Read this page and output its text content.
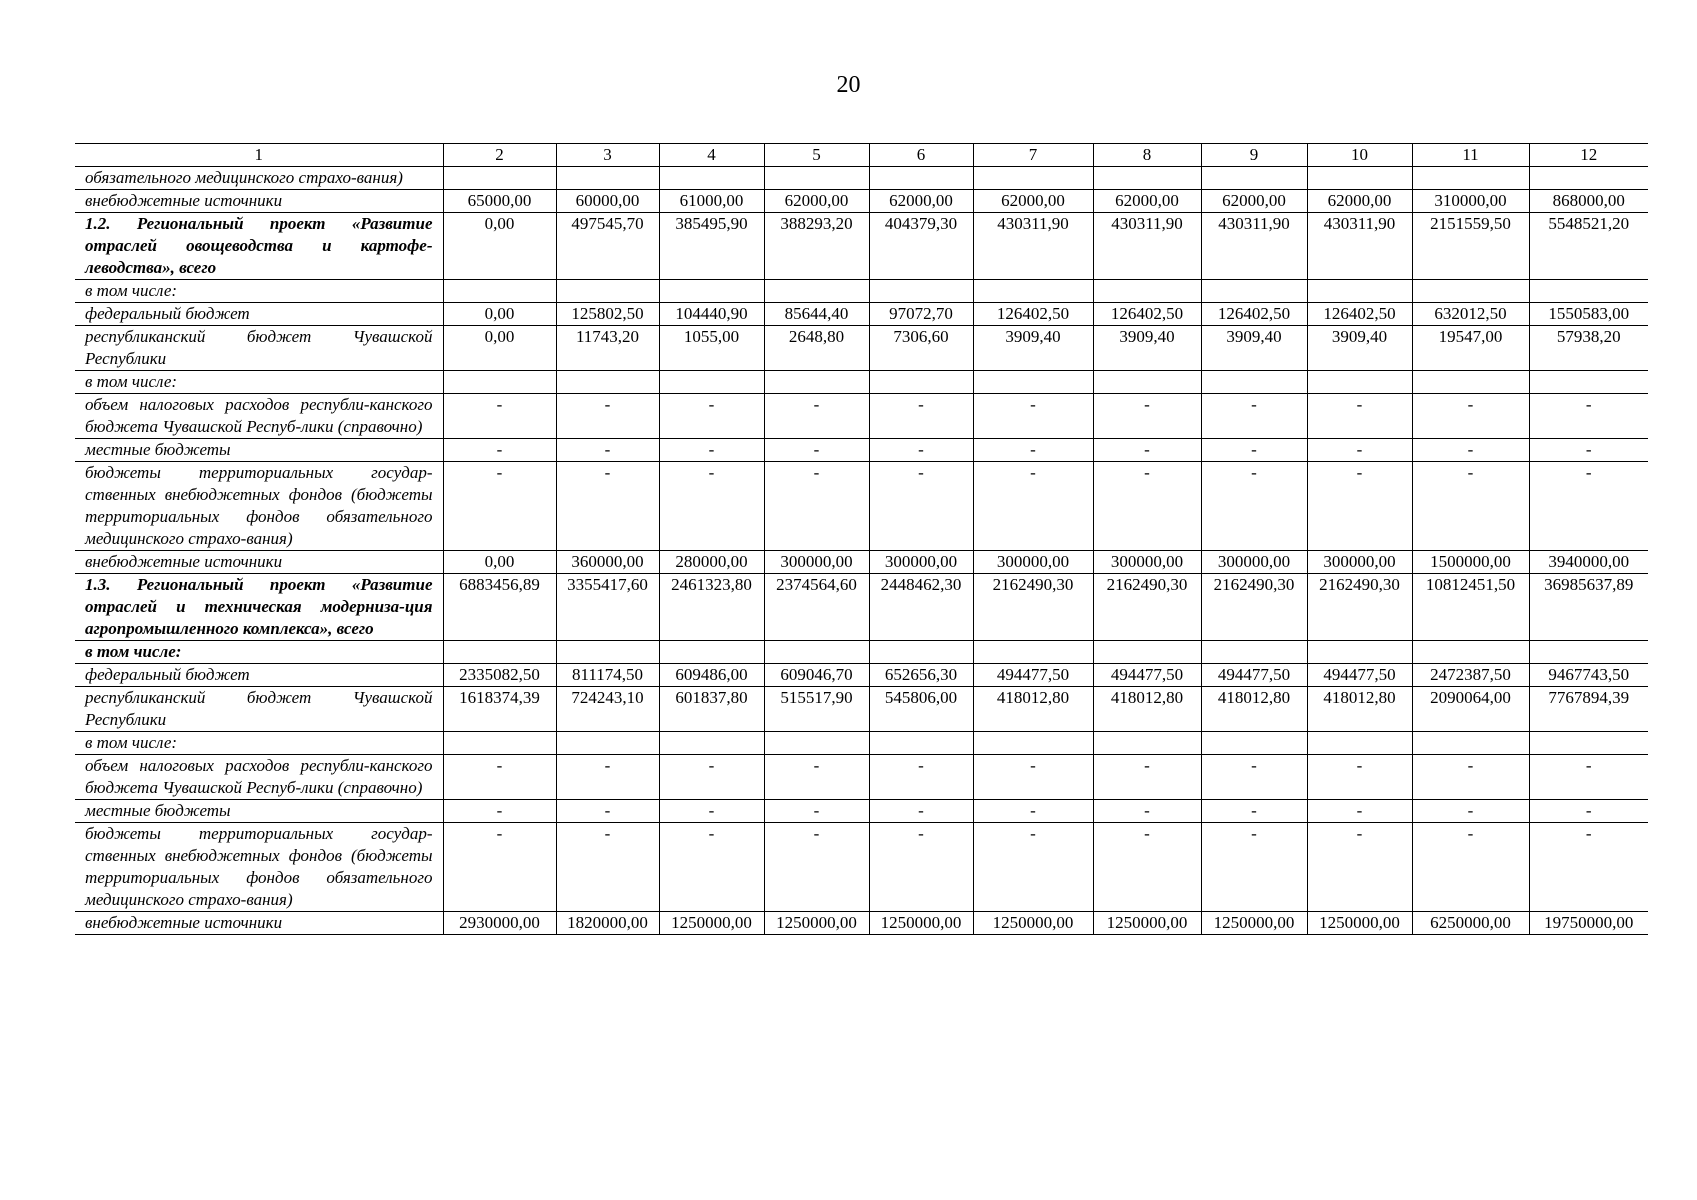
20
1	2	3	4	5	6	7	8	9	10	11	12
обязательного медицинского страхо-вания)											
внебюджетные источники	65000,00	60000,00	61000,00	62000,00	62000,00	62000,00	62000,00	62000,00	62000,00	310000,00	868000,00
1.2. Региональный проект «Развитие отраслей овощеводства и картофе-леводства», всего	0,00	497545,70	385495,90	388293,20	404379,30	430311,90	430311,90	430311,90	430311,90	2151559,50	5548521,20
в том числе:											
федеральный бюджет	0,00	125802,50	104440,90	85644,40	97072,70	126402,50	126402,50	126402,50	126402,50	632012,50	1550583,00
республиканский бюджет Чувашской Республики	0,00	11743,20	1055,00	2648,80	7306,60	3909,40	3909,40	3909,40	3909,40	19547,00	57938,20
в том числе:											
объем налоговых расходов республи-канского бюджета Чувашской Респуб-лики (справочно)	-	-	-	-	-	-	-	-	-	-	-
местные бюджеты	-	-	-	-	-	-	-	-	-	-	-
бюджеты территориальных государ-ственных внебюджетных фондов (бюджеты территориальных фондов обязательного медицинского страхо-вания)	-	-	-	-	-	-	-	-	-	-	-
внебюджетные источники	0,00	360000,00	280000,00	300000,00	300000,00	300000,00	300000,00	300000,00	300000,00	1500000,00	3940000,00
1.3. Региональный проект «Развитие отраслей и техническая модерниза-ция агропромышленного комплекса», всего	6883456,89	3355417,60	2461323,80	2374564,60	2448462,30	2162490,30	2162490,30	2162490,30	2162490,30	10812451,50	36985637,89
в том числе:											
федеральный бюджет	2335082,50	811174,50	609486,00	609046,70	652656,30	494477,50	494477,50	494477,50	494477,50	2472387,50	9467743,50
республиканский бюджет Чувашской Республики	1618374,39	724243,10	601837,80	515517,90	545806,00	418012,80	418012,80	418012,80	418012,80	2090064,00	7767894,39
в том числе:											
объем налоговых расходов республи-канского бюджета Чувашской Респуб-лики (справочно)	-	-	-	-	-	-	-	-	-	-	-
местные бюджеты	-	-	-	-	-	-	-	-	-	-	-
бюджеты территориальных государ-ственных внебюджетных фондов (бюджеты территориальных фондов обязательного медицинского страхо-вания)	-	-	-	-	-	-	-	-	-	-	-
внебюджетные источники	2930000,00	1820000,00	1250000,00	1250000,00	1250000,00	1250000,00	1250000,00	1250000,00	1250000,00	6250000,00	19750000,00
